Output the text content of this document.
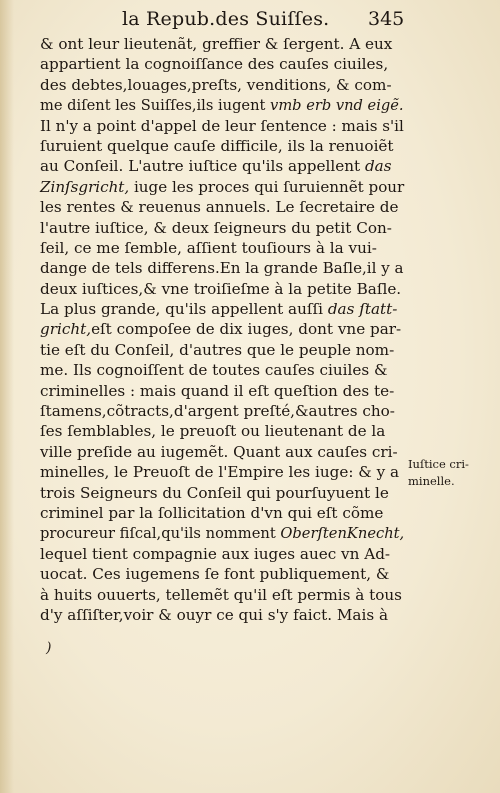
la Repub.des Suiſſes. 345
& ont leur lieutenãt, greffier & ſergent. A eux
appartient la cognoiſſance des cauſes ciuiles,
des debtes,louages,preſts, venditions, & com-
me diſent les Suiſſes,ils iugent vmb erb vnd eigẽ.
Il n'y a point d'appel de leur ſentence : mais s'il
ſuruient quelque cauſe difficile, ils la renuoiẽt
au Conſeil. L'autre iuſtice qu'ils appellent das
Zinſsgricht, iuge les proces qui ſuruiennẽt pour
les rentes & reuenus annuels. Le ſecretaire de
l'autre iuſtice, & deux ſeigneurs du petit Con-
ſeil, ce me ſemble, aſſient touſiours à la vui-
dange de tels differens.En la grande Baſle,il y a
deux iuſtices,& vne troiſieſme à la petite Baſle.
La plus grande, qu'ils appellent auſſi das ſtatt-
gricht,eſt compoſee de dix iuges, dont vne par-
tie eſt du Conſeil, d'autres que le peuple nom-
me. Ils cognoiſſent de toutes cauſes ciuiles &
criminelles : mais quand il eſt queſtion des te-
ſtamens,cõtracts,d'argent preſté,&autres cho-
ſes ſemblables, le preuoſt ou lieutenant de la
ville preſide au iugemẽt. Quant aux cauſes cri-
minelles, le Preuoſt de l'Empire les iuge: & y a
trois Seigneurs du Conſeil qui pourſuyuent le
criminel par la ſollicitation d'vn qui eſt cõme
procureur fiſcal,qu'ils nomment OberſtenKnecht,
lequel tient compagnie aux iuges auec vn Ad-
uocat. Ces iugemens ſe font publiquement, &
à huits ouuerts, tellemẽt qu'il eſt permis à tous
d'y aſſiſter,voir & ouyr ce qui s'y faict. Mais à
Iuſtice cri-
minelle.
)
